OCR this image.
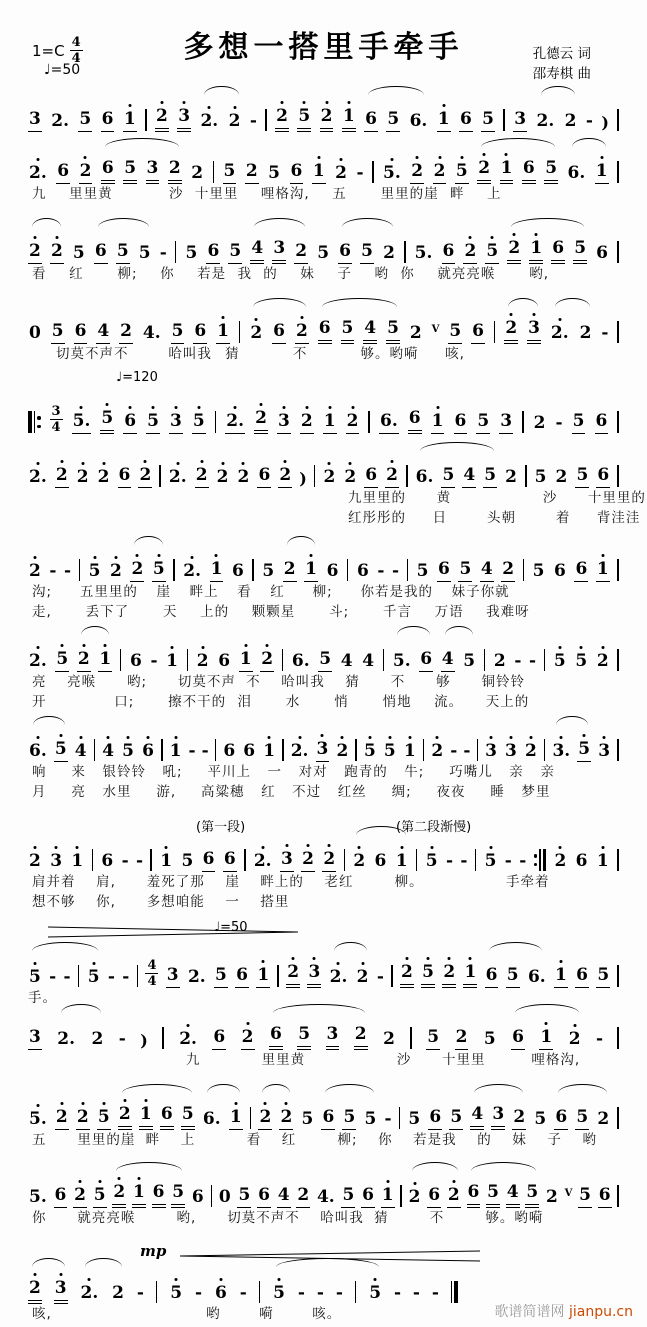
1=C 4
4
♩=50
多想一搭里手牵手	孔德云 词
邵寿棋 曲
3 2. 5 6 1 2 3 2. 2 - 2 5 2 1 6 5 6. 1 6 5 3 2. 2 - )
2. 6 2 6 5 3 2 2 5 2 5 6 1 2 - 5. 2 2 5 2 1 6 5 6. 1
九  里里黄     沙 十里里  哩格沟,  五   里里的崖 畔  上
2 2 5 6 5 5 - 5 6 5 4 3 2 5 6 5 2 5. 6 2 5 2 1 6 5 6
看  红   柳;  你  若是 我 的  妹  子  哟 你  就亮亮喉   哟,
0 5 6 4 2 4. 5 6 1 2 6 2 6 5 4 5 2 V 5 6 2 3 2. 2 -
切莫不声不   哈叫我 猜    不    够。哟嗬  咳,
♩=120
3
4 5. 5 6 5 3 5 2. 2 3 2 1 2 6. 6 1 6 5 3 2 - 5 6
2. 2 2 2 6 2 2. 2 2 2 6 2 ) 2 2 6 2 6. 5 4 5 2 5 2 5 6
九里里的  黄      沙  十里里的
红彤彤的  日   头朝   着  背洼洼
2 - - 5 2 2 5 2. 1 6 5 2 1 6 6 - - 5 6 5 4 2 5 6 6 1
沟;   五里里的  崖  畔上  看  红   柳;   你若是我的  妹子你就
走,   丢下了   天  上的  颗颗星   斗;   千言  万语  我难呀
2. 5 2 1 6 - 1 2 6 1 2 6. 5 4 4 5. 6 4 5 2 - - 5 5 2
亮  亮喉   哟;   切莫不声 不  哈叫我  猜   不   够   铜铃铃
开      口;   擦不干的 泪   水   悄   悄地  流。  天上的
6. 5 4 4 5 6 1 - - 6 6 1 2. 3 2 5 5 1 2 - - 3 3 2 3. 5 3
响   来  银铃铃  吼;   平川上  一  对对  跑青的  牛;   巧嘴儿  亲  亲
月   亮  水里   游,   高粱穗  红  不过  红丝   绸;   夜夜   睡  梦里
(第一段)	(第二段渐慢)
2 3 1 6 - - 1 5 6 6 2. 3 2 2 2 6 1 5 - - 5 - - 2 6 1
肩并着  肩,   羞死了那  崖  畔上的  老红    柳。        手牵着
想不够  你,   多想咱能  一  搭里
♩=50
5 - - 5 - -
4
4 3 2. 5 6 1 2 3 2. 2 - 2 5 2 1 6 5 6. 1 6 5
手。
3 2. 2 - ) 2. 6 2 6 5 3 2 2 5 2 5 6 1 2 -
九    里里黄      沙  十里里   哩格沟,
5. 2 2 5 2 1 6 5 6. 1 2 2 5 6 5 5 - 5 6 5 4 3 2 5 6 5 2
五   里里的崖 畔  上     看  红    柳;  你  若是我  的  妹  子  哟
5. 6 2 5 2 1 6 5 6 0 5 6 4 2 4. 5 6 1 2 6 2 6 5 4 5 2 V 5 6
你   就亮亮喉    哟,   切莫不声不  哈叫我 猜    不    够。哟嗬
mp
2 3 2. 2 - 5 - 6 - 5 - - - 5 - - -
咳,        哟  嗬  咳。	歌谱简谱网 jianpu.cn
